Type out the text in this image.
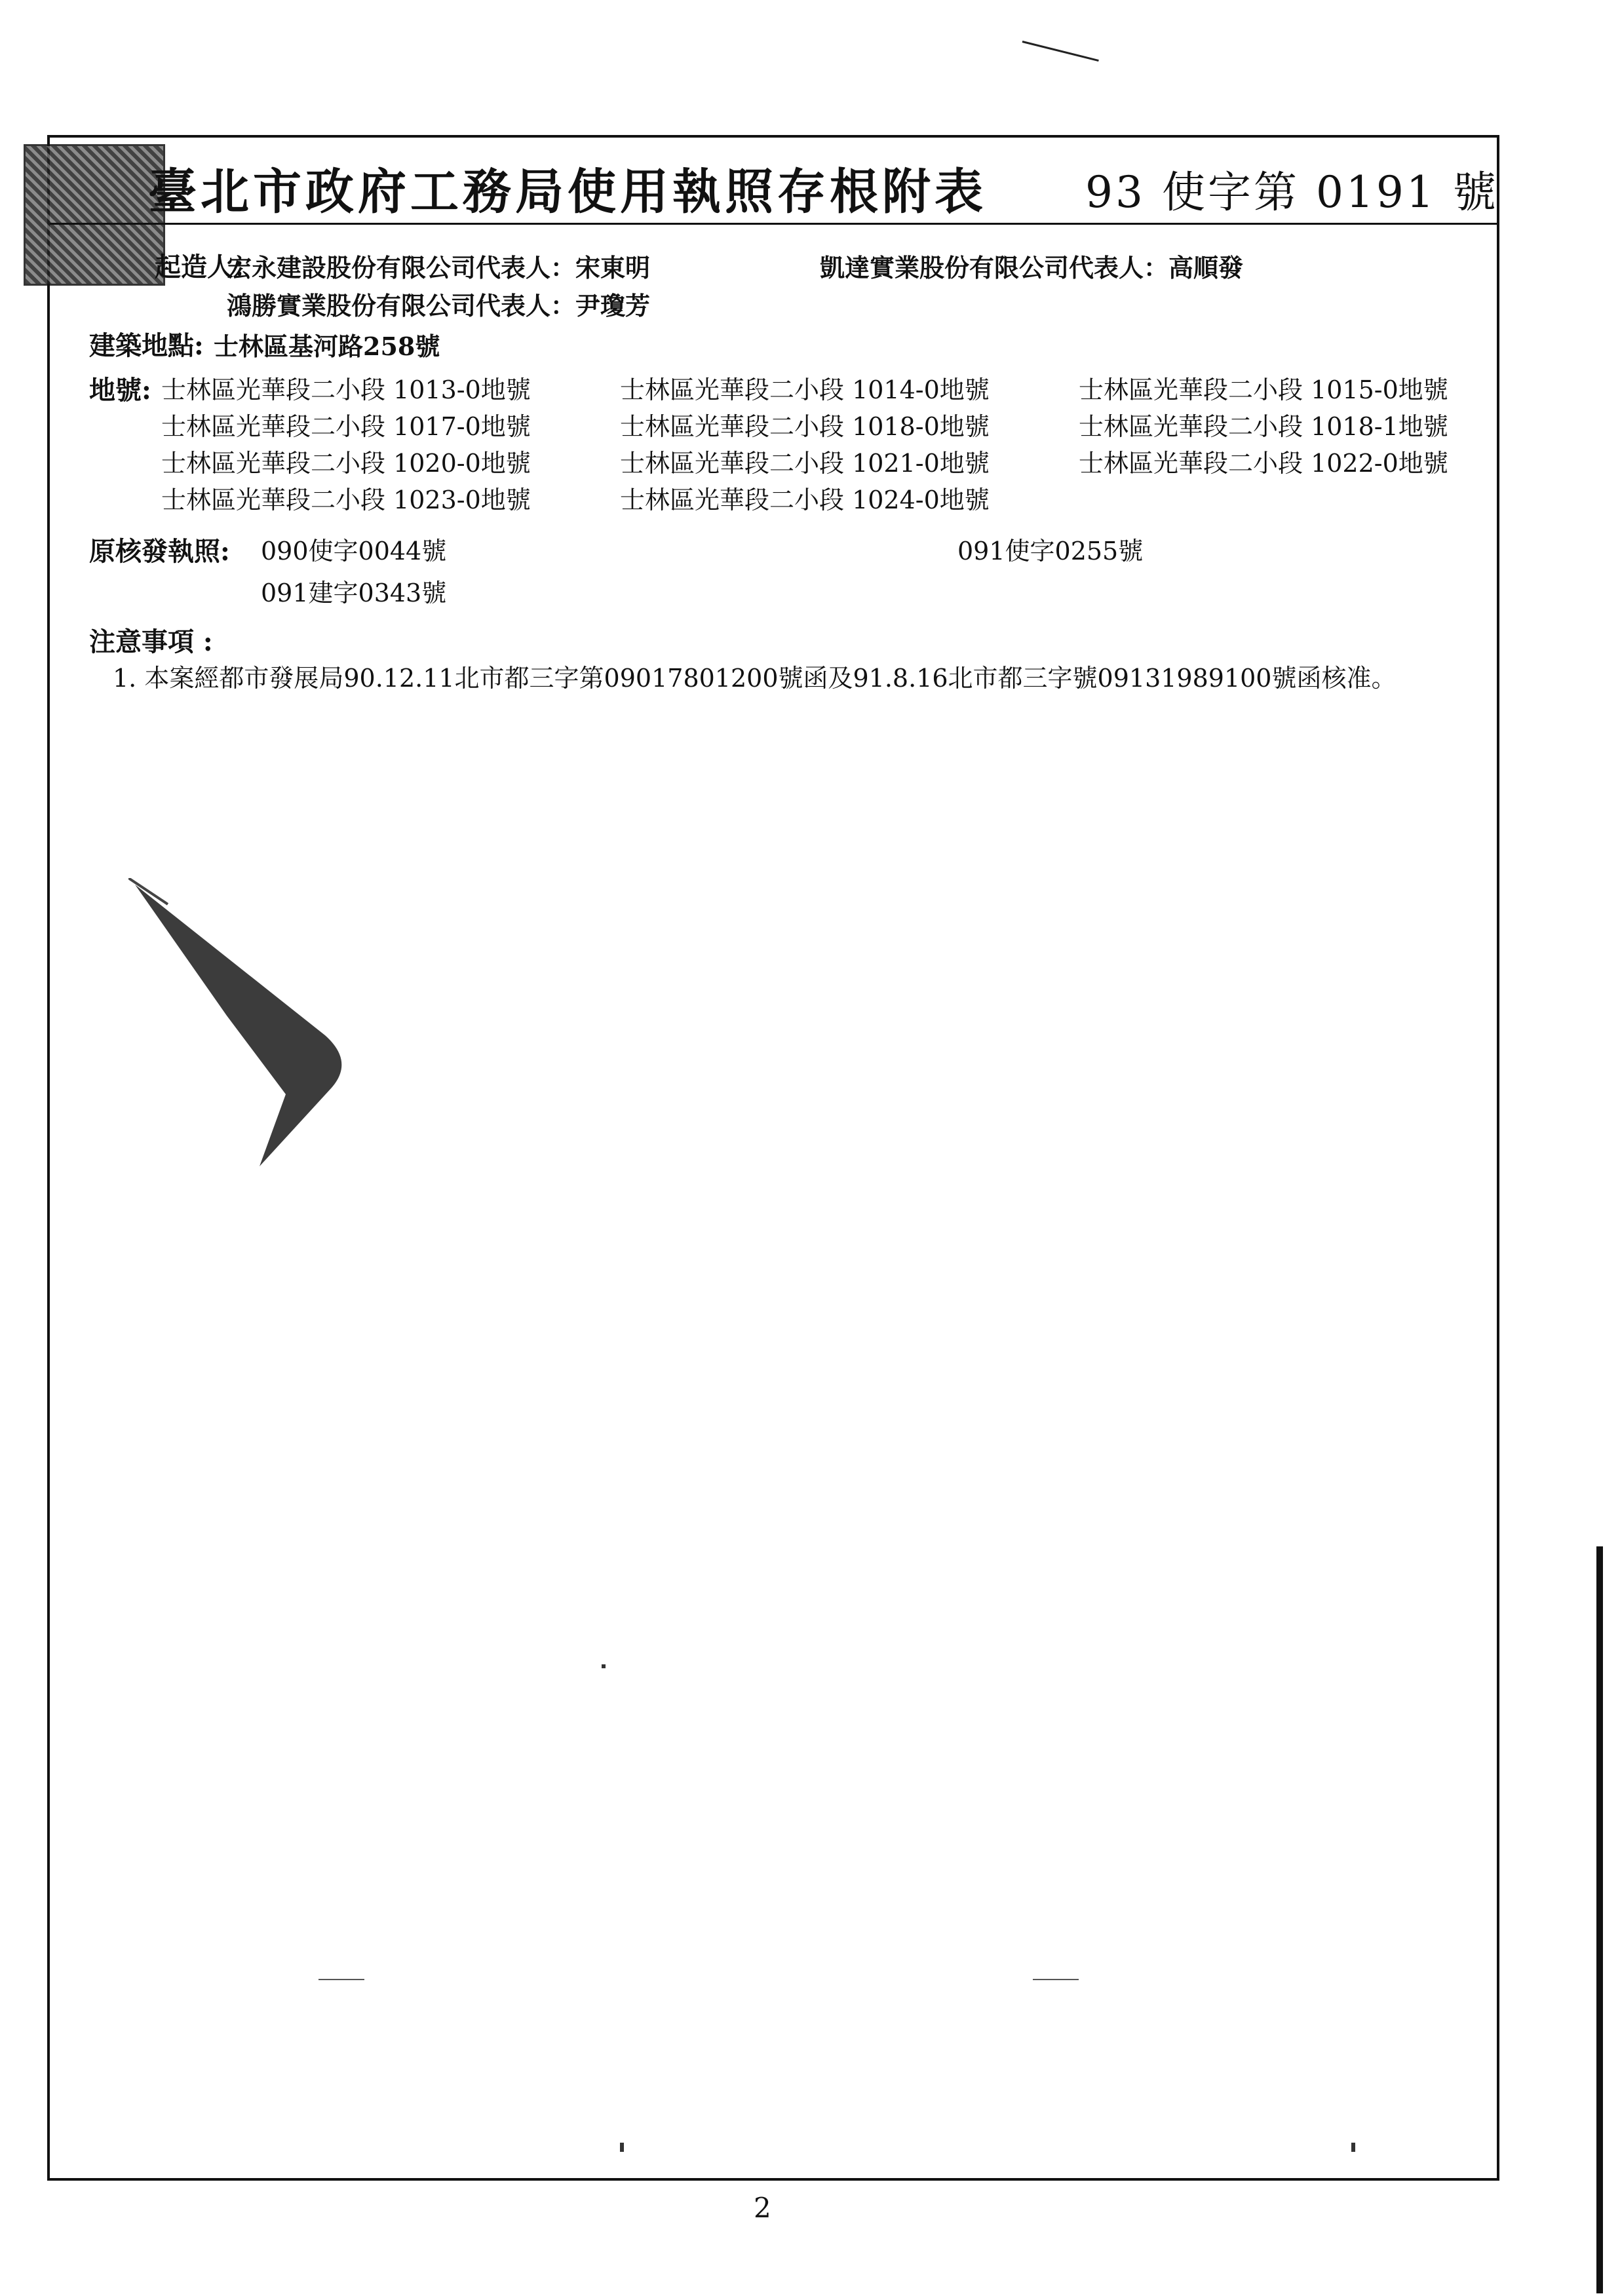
臺北市政府工務局使用執照存根附表 93 使字第 0191 號
起造人：
宏永建設股份有限公司代表人：宋東明	凱達實業股份有限公司代表人：高順發
鴻勝實業股份有限公司代表人：尹瓊芳
建築地點: 士林區基河路258號
地號: 士林區光華段二小段 1013-0地號	士林區光華段二小段 1014-0地號	士林區光華段二小段 1015-0地號
士林區光華段二小段 1017-0地號	士林區光華段二小段 1018-0地號	士林區光華段二小段 1018-1地號
士林區光華段二小段 1020-0地號	士林區光華段二小段 1021-0地號	士林區光華段二小段 1022-0地號
士林區光華段二小段 1023-0地號	士林區光華段二小段 1024-0地號
原核發執照: 090使字0044號	091使字0255號
091建字0343號
注意事項 :
1. 本案經都市發展局90.12.11北市都三字第09017801200號函及91.8.16北市都三字號09131989100號函核准。
2
